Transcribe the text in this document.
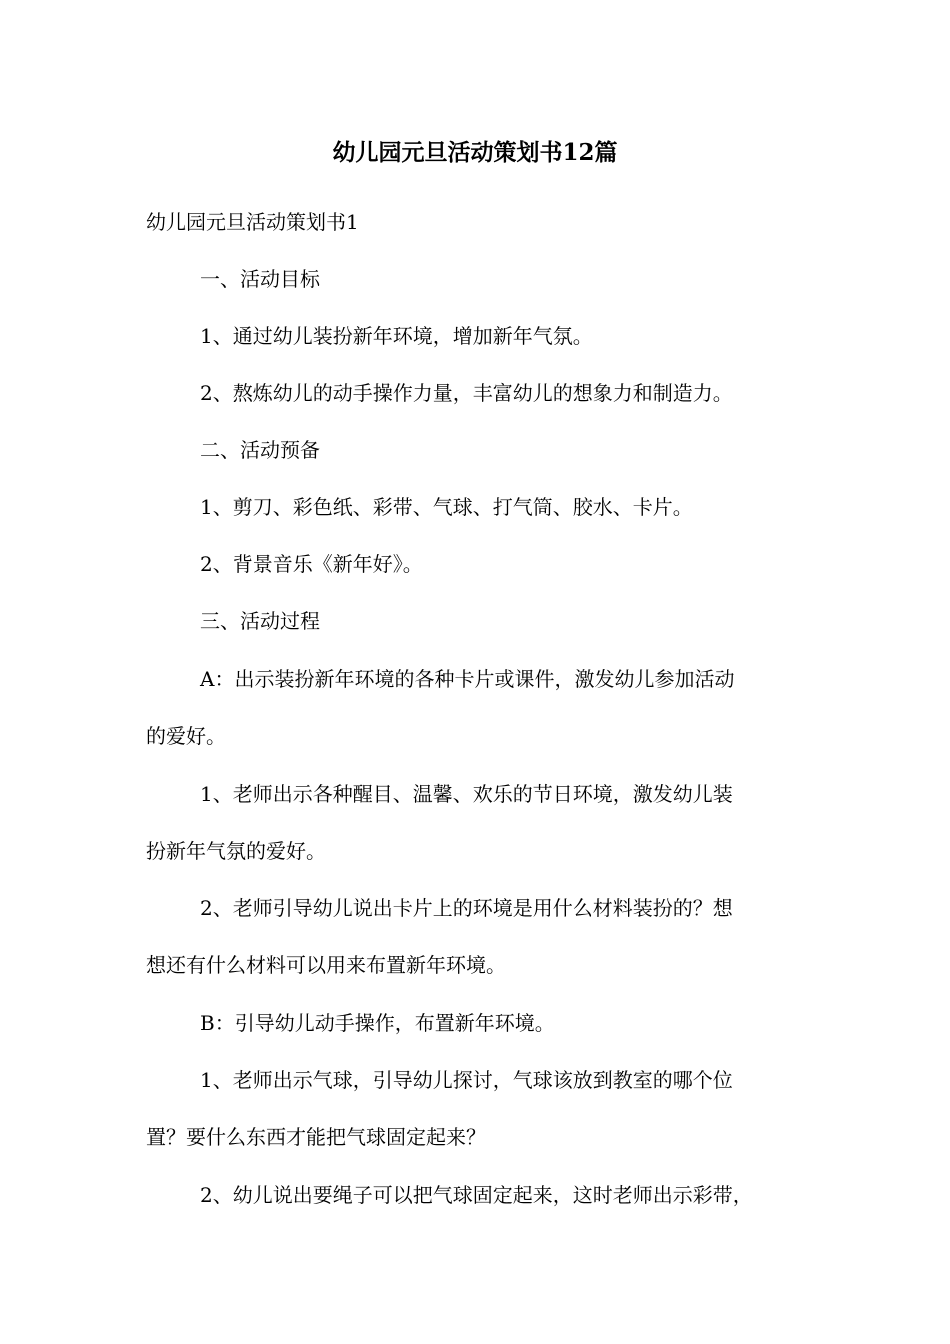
幼儿园元旦活动策划书12篇
幼儿园元旦活动策划书1
一、活动目标
1、通过幼儿装扮新年环境，增加新年气氛。
2、熬炼幼儿的动手操作力量，丰富幼儿的想象力和制造力。
二、活动预备
1、剪刀、彩色纸、彩带、气球、打气筒、胶水、卡片。
2、背景音乐《新年好》。
三、活动过程
A：出示装扮新年环境的各种卡片或课件，激发幼儿参加活动
的爱好。
1、老师出示各种醒目、温馨、欢乐的节日环境，激发幼儿装
扮新年气氛的爱好。
2、老师引导幼儿说出卡片上的环境是用什么材料装扮的？想
想还有什么材料可以用来布置新年环境。
B：引导幼儿动手操作，布置新年环境。
1、老师出示气球，引导幼儿探讨，气球该放到教室的哪个位
置？要什么东西才能把气球固定起来？
2、幼儿说出要绳子可以把气球固定起来，这时老师出示彩带，
